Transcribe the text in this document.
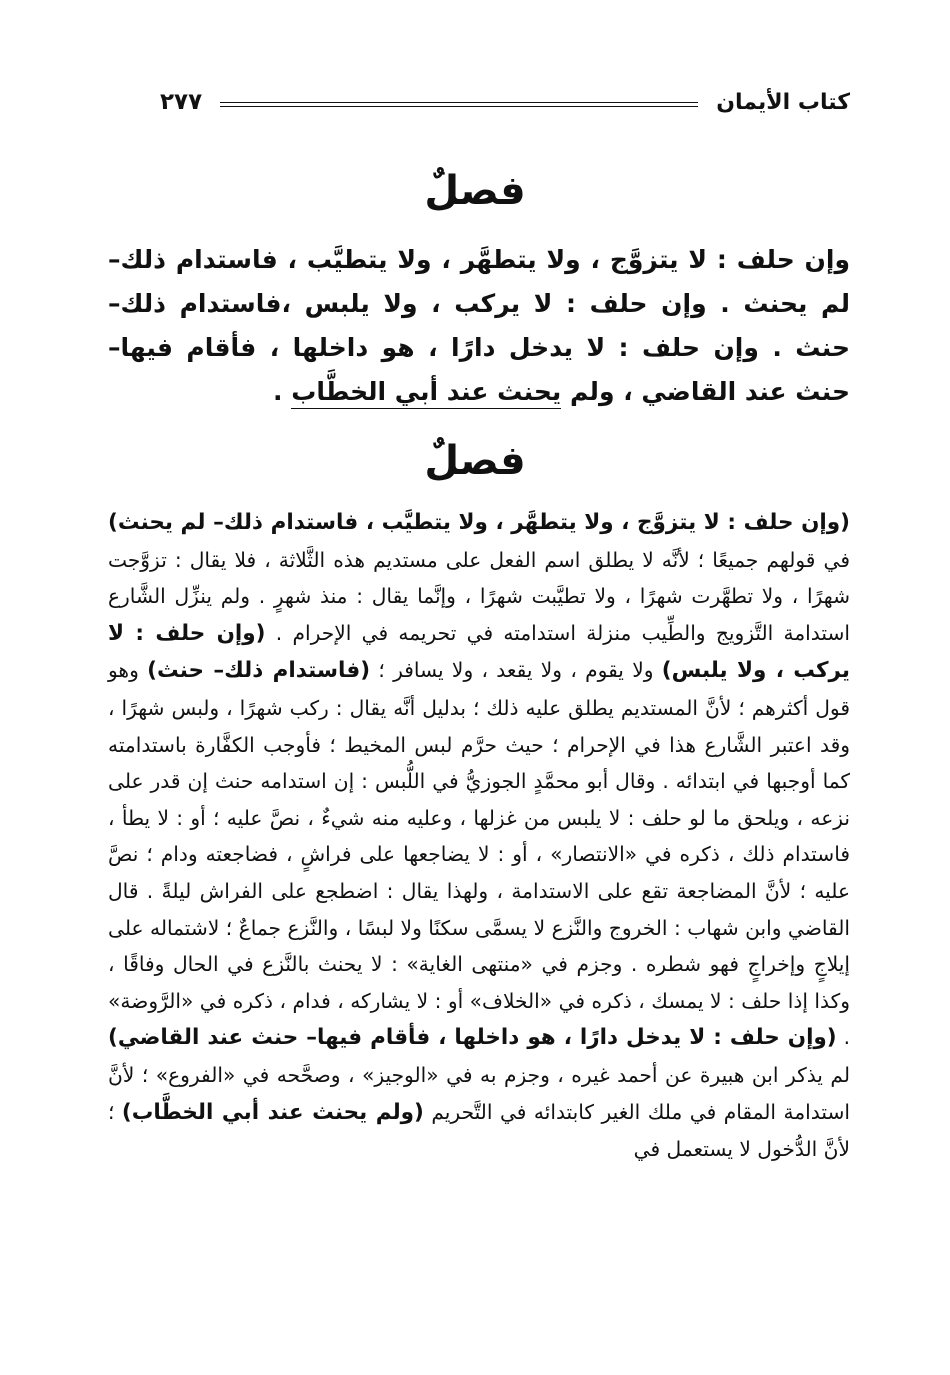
كتاب الأيمان
٢٧٧
فصلٌ
وإن حلف : لا يتزوَّج ، ولا يتطهَّر ، ولا يتطيَّب ، فاستدام ذلك– لم يحنث . وإن حلف : لا يركب ، ولا يلبس ،فاستدام ذلك– حنث . وإن حلف : لا يدخل دارًا ، هو داخلها ، فأقام فيها– حنث عند القاضي ، ولم يحنث عند أبي الخطَّاب .
فصلٌ
(وإن حلف : لا يتزوَّج ، ولا يتطهَّر ، ولا يتطيَّب ، فاستدام ذلك– لم يحنث) في قولهم جميعًا ؛ لأنَّه لا يطلق اسم الفعل على مستديم هذه الثَّلاثة ، فلا يقال : تزوَّجت شهرًا ، ولا تطهَّرت شهرًا ، ولا تطيَّبت شهرًا ، وإنَّما يقال : منذ شهرٍ . ولم ينزِّل الشَّارع استدامة التَّزويج والطِّيب منزلة استدامته في تحريمه في الإحرام . (وإن حلف : لا يركب ، ولا يلبس) ولا يقوم ، ولا يقعد ، ولا يسافر ؛ (فاستدام ذلك– حنث) وهو قول أكثرهم ؛ لأنَّ المستديم يطلق عليه ذلك ؛ بدليل أنَّه يقال : ركب شهرًا ، ولبس شهرًا ، وقد اعتبر الشَّارع هذا في الإحرام ؛ حيث حرَّم لبس المخيط ؛ فأوجب الكفَّارة باستدامته كما أوجبها في ابتدائه . وقال أبو محمَّدٍ الجوزيُّ في اللُّبس : إن استدامه حنث إن قدر على نزعه ، ويلحق ما لو حلف : لا يلبس من غزلها ، وعليه منه شيءٌ ، نصَّ عليه ؛ أو : لا يطأ ، فاستدام ذلك ، ذكره في «الانتصار» ، أو : لا يضاجعها على فراشٍ ، فضاجعته ودام ؛ نصَّ عليه ؛ لأنَّ المضاجعة تقع على الاستدامة ، ولهذا يقال : اضطجع على الفراش ليلةً . قال القاضي وابن شهاب : الخروج والنَّزع لا يسمَّى سكنًا ولا لبسًا ، والنَّزع جماعٌ ؛ لاشتماله على إيلاجٍ وإخراجٍ فهو شطره . وجزم في «منتهى الغاية» : لا يحنث بالنَّزع في الحال وفاقًا ، وكذا إذا حلف : لا يمسك ، ذكره في «الخلاف» أو : لا يشاركه ، فدام ، ذكره في «الرَّوضة» . (وإن حلف : لا يدخل دارًا ، هو داخلها ، فأقام فيها– حنث عند القاضي) لم يذكر ابن هبيرة عن أحمد غيره ، وجزم به في «الوجيز» ، وصحَّحه في «الفروع» ؛ لأنَّ استدامة المقام في ملك الغير كابتدائه في التَّحريم (ولم يحنث عند أبي الخطَّاب) ؛ لأنَّ الدُّخول لا يستعمل في
